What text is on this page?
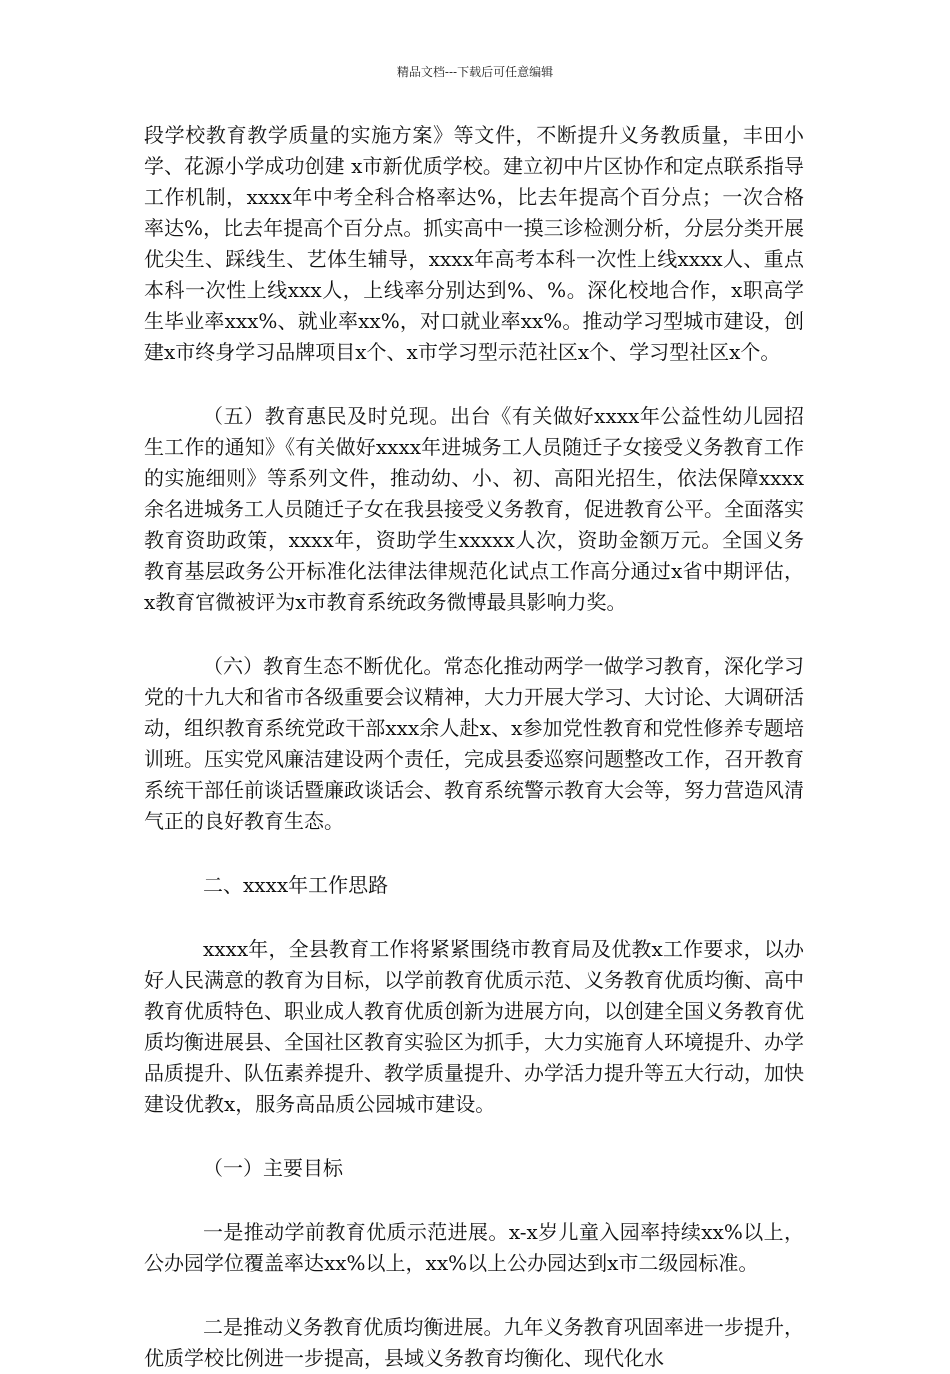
精品文档---下载后可任意编辑

段学校教育教学质量的实施方案》等文件，不断提升义务教质量，丰田小学、花源小学成功创建 x市新优质学校。建立初中片区协作和定点联系指导工作机制，xxxx年中考全科合格率达%，比去年提高个百分点；一次合格率达%，比去年提高个百分点。抓实高中一摸三诊检测分析，分层分类开展优尖生、踩线生、艺体生辅导，xxxx年高考本科一次性上线xxxx人、重点本科一次性上线xxx人，上线率分别达到%、%。深化校地合作，x职高学生毕业率xxx%、就业率xx%，对口就业率xx%。推动学习型城市建设，创建x市终身学习品牌项目x个、x市学习型示范社区x个、学习型社区x个。

（五）教育惠民及时兑现。出台《有关做好xxxx年公益性幼儿园招生工作的通知》《有关做好xxxx年进城务工人员随迁子女接受义务教育工作的实施细则》等系列文件，推动幼、小、初、高阳光招生，依法保障xxxx余名进城务工人员随迁子女在我县接受义务教育，促进教育公平。全面落实教育资助政策，xxxx年，资助学生xxxxx人次，资助金额万元。全国义务教育基层政务公开标准化法律法律规范化试点工作高分通过x省中期评估，x教育官微被评为x市教育系统政务微博最具影响力奖。

（六）教育生态不断优化。常态化推动两学一做学习教育，深化学习党的十九大和省市各级重要会议精神，大力开展大学习、大讨论、大调研活动，组织教育系统党政干部xxx余人赴x、x参加党性教育和党性修养专题培训班。压实党风廉洁建设两个责任，完成县委巡察问题整改工作，召开教育系统干部任前谈话暨廉政谈话会、教育系统警示教育大会等，努力营造风清气正的良好教育生态。

二、xxxx年工作思路

xxxx年，全县教育工作将紧紧围绕市教育局及优教x工作要求，以办好人民满意的教育为目标，以学前教育优质示范、义务教育优质均衡、高中教育优质特色、职业成人教育优质创新为进展方向，以创建全国义务教育优质均衡进展县、全国社区教育实验区为抓手，大力实施育人环境提升、办学品质提升、队伍素养提升、教学质量提升、办学活力提升等五大行动，加快建设优教x，服务高品质公园城市建设。

（一）主要目标

一是推动学前教育优质示范进展。x-x岁儿童入园率持续xx%以上，公办园学位覆盖率达xx%以上，xx%以上公办园达到x市二级园标准。

二是推动义务教育优质均衡进展。九年义务教育巩固率进一步提升，优质学校比例进一步提高，县域义务教育均衡化、现代化水
